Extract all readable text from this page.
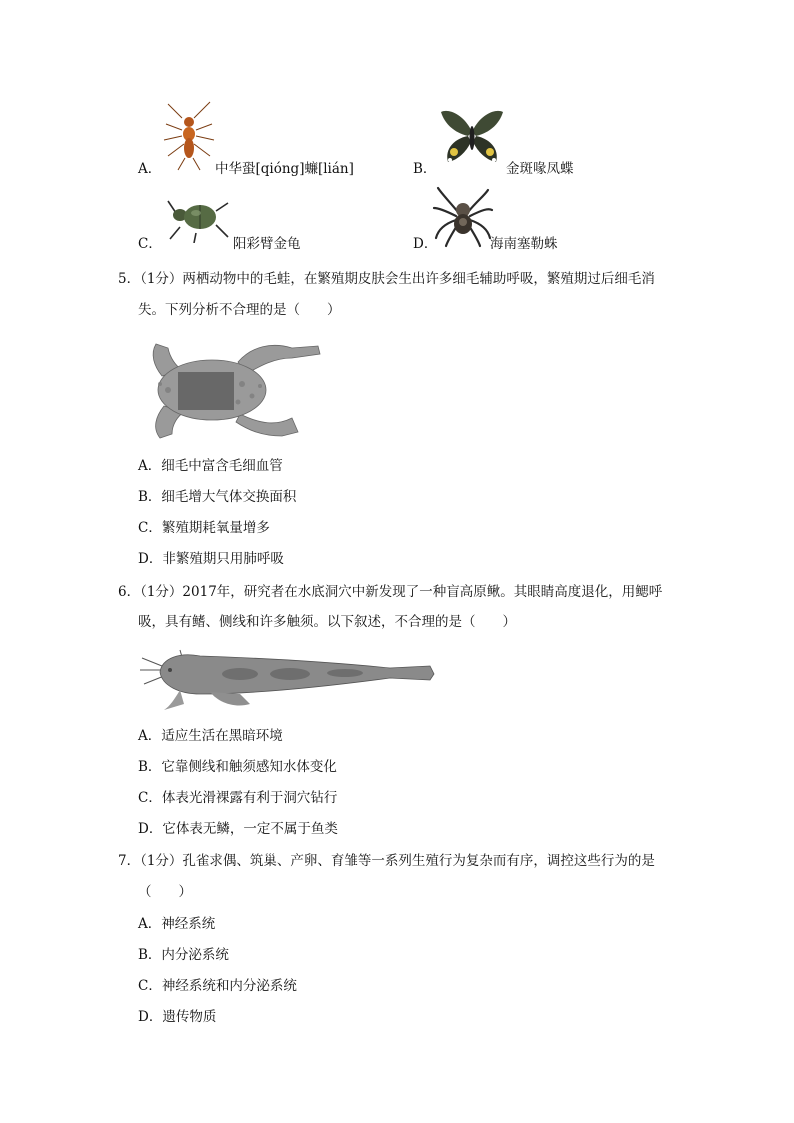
A．	中华蛩[qióng]蠊[lián]	B．	金斑喙凤蝶
C．	阳彩臂金龟	D．	海南塞勒蛛
5．（1分）两栖动物中的毛蛙，在繁殖期皮肤会生出许多细毛辅助呼吸，繁殖期过后细毛消
失。下列分析不合理的是（　　）
A．细毛中富含毛细血管
B．细毛增大气体交换面积
C．繁殖期耗氧量增多
D．非繁殖期只用肺呼吸
6．（1分）2017年，研究者在水底洞穴中新发现了一种盲高原鳅。其眼睛高度退化，用鳃呼
吸，具有鳍、侧线和许多触须。以下叙述，不合理的是（　　）
A．适应生活在黑暗环境
B．它靠侧线和触须感知水体变化
C．体表光滑裸露有利于洞穴钻行
D．它体表无鳞，一定不属于鱼类
7．（1分）孔雀求偶、筑巢、产卵、育雏等一系列生殖行为复杂而有序，调控这些行为的是
（　　）
A．神经系统
B．内分泌系统
C．神经系统和内分泌系统
D．遗传物质
